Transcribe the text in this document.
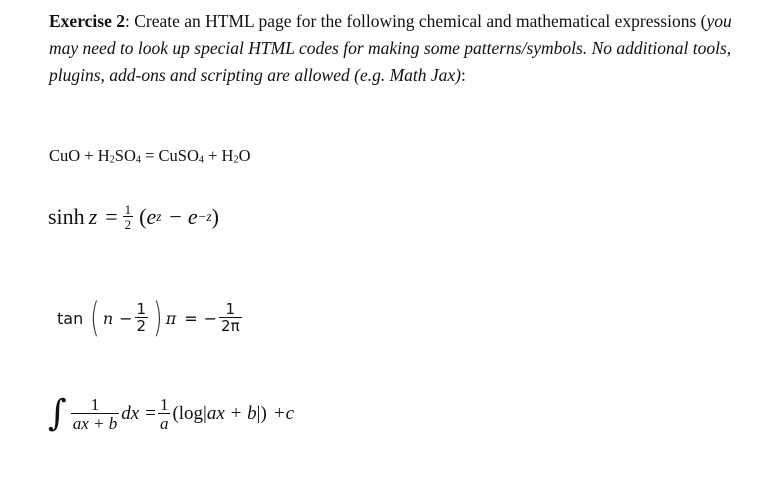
Exercise 2: Create an HTML page for the following chemical and mathematical expressions (you may need to look up special HTML codes for making some patterns/symbols. No additional tools, plugins, add-ons and scripting are allowed (e.g. Math Jax):
CuO + $H_2SO_4$ = CuSO$_4$ + $H_2O$
$\sinh z = \frac{1}{2}$ ( e z − e −z )
tan ( $n - \frac{1}{2}$ ) π = − $\frac{1}{2\pi}$
∫ $\frac{1}{ax + b}$ dx = $\frac{1}{a} (\log|$ ax + b |) +c
